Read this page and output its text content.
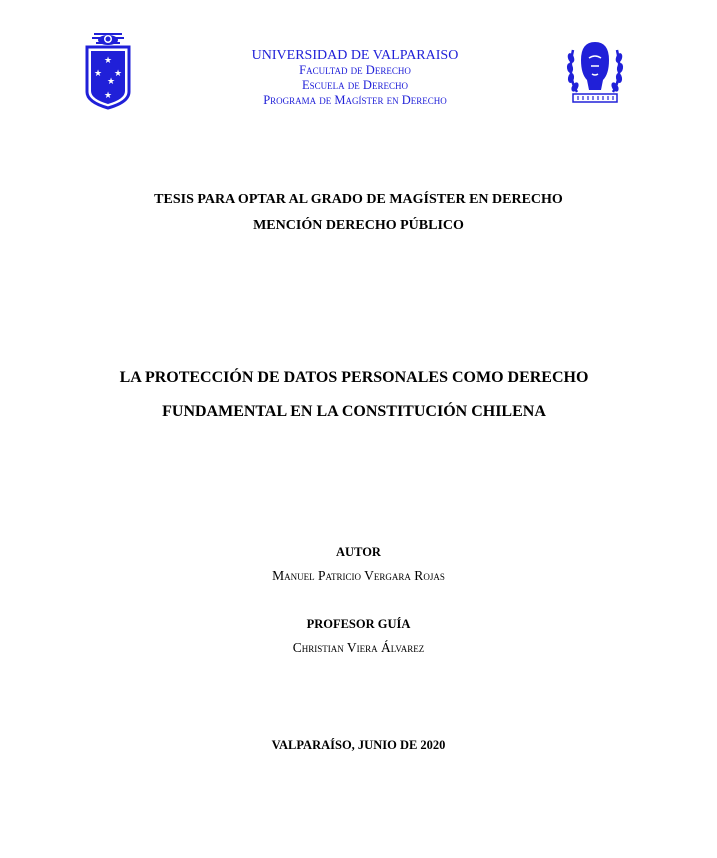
★
★ ★
★
★
UNIVERSIDAD DE VALPARAISO
Facultad de Derecho
Escuela de Derecho
Programa de Magíster en Derecho
TESIS PARA OPTAR AL GRADO DE MAGÍSTER EN DERECHO
MENCIÓN DERECHO PÚBLICO
LA PROTECCIÓN DE DATOS PERSONALES COMO DERECHO
FUNDAMENTAL EN LA CONSTITUCIÓN CHILENA
AUTOR
Manuel Patricio Vergara Rojas
PROFESOR GUÍA
Christian Viera Álvarez
VALPARAÍSO, JUNIO DE 2020
